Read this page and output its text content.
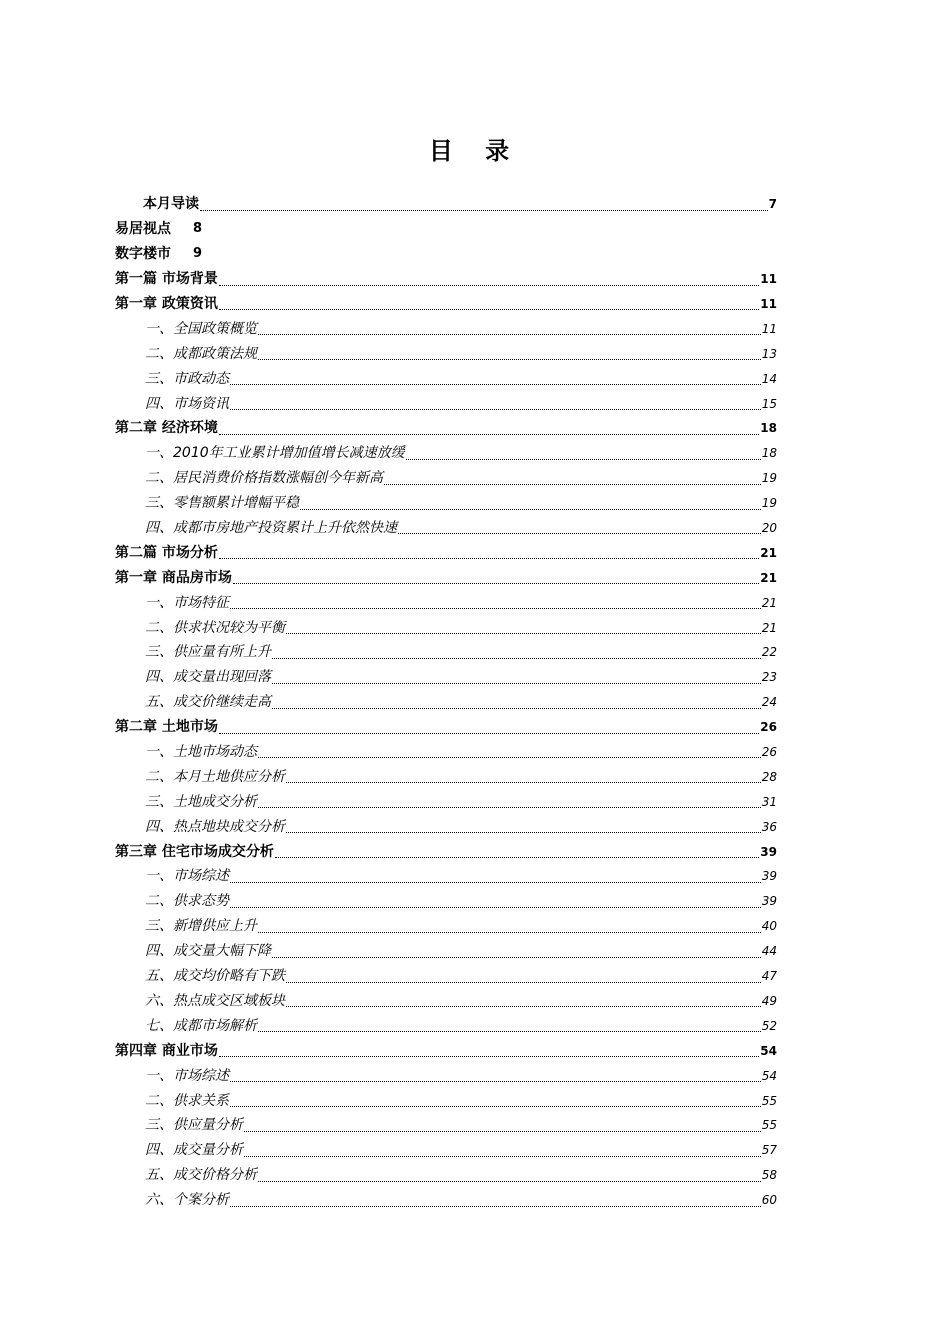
目 录
本月导读	7
易居视点 8
数字楼市 9
第一篇 市场背景	11
第一章 政策资讯	11
一、全国政策概览	11
二、成都政策法规	13
三、市政动态	14
四、市场资讯	15
第二章 经济环境	18
一、2010年工业累计增加值增长减速放缓	18
二、居民消费价格指数涨幅创今年新高	19
三、零售额累计增幅平稳	19
四、成都市房地产投资累计上升依然快速	20
第二篇 市场分析	21
第一章 商品房市场	21
一、市场特征	21
二、供求状况较为平衡	21
三、供应量有所上升	22
四、成交量出现回落	23
五、成交价继续走高	24
第二章 土地市场	26
一、土地市场动态	26
二、本月土地供应分析	28
三、土地成交分析	31
四、热点地块成交分析	36
第三章 住宅市场成交分析	39
一、市场综述	39
二、供求态势	39
三、新增供应上升	40
四、成交量大幅下降	44
五、成交均价略有下跌	47
六、热点成交区域板块	49
七、成都市场解析	52
第四章 商业市场	54
一、市场综述	54
二、供求关系	55
三、供应量分析	55
四、成交量分析	57
五、成交价格分析	58
六、个案分析	60
